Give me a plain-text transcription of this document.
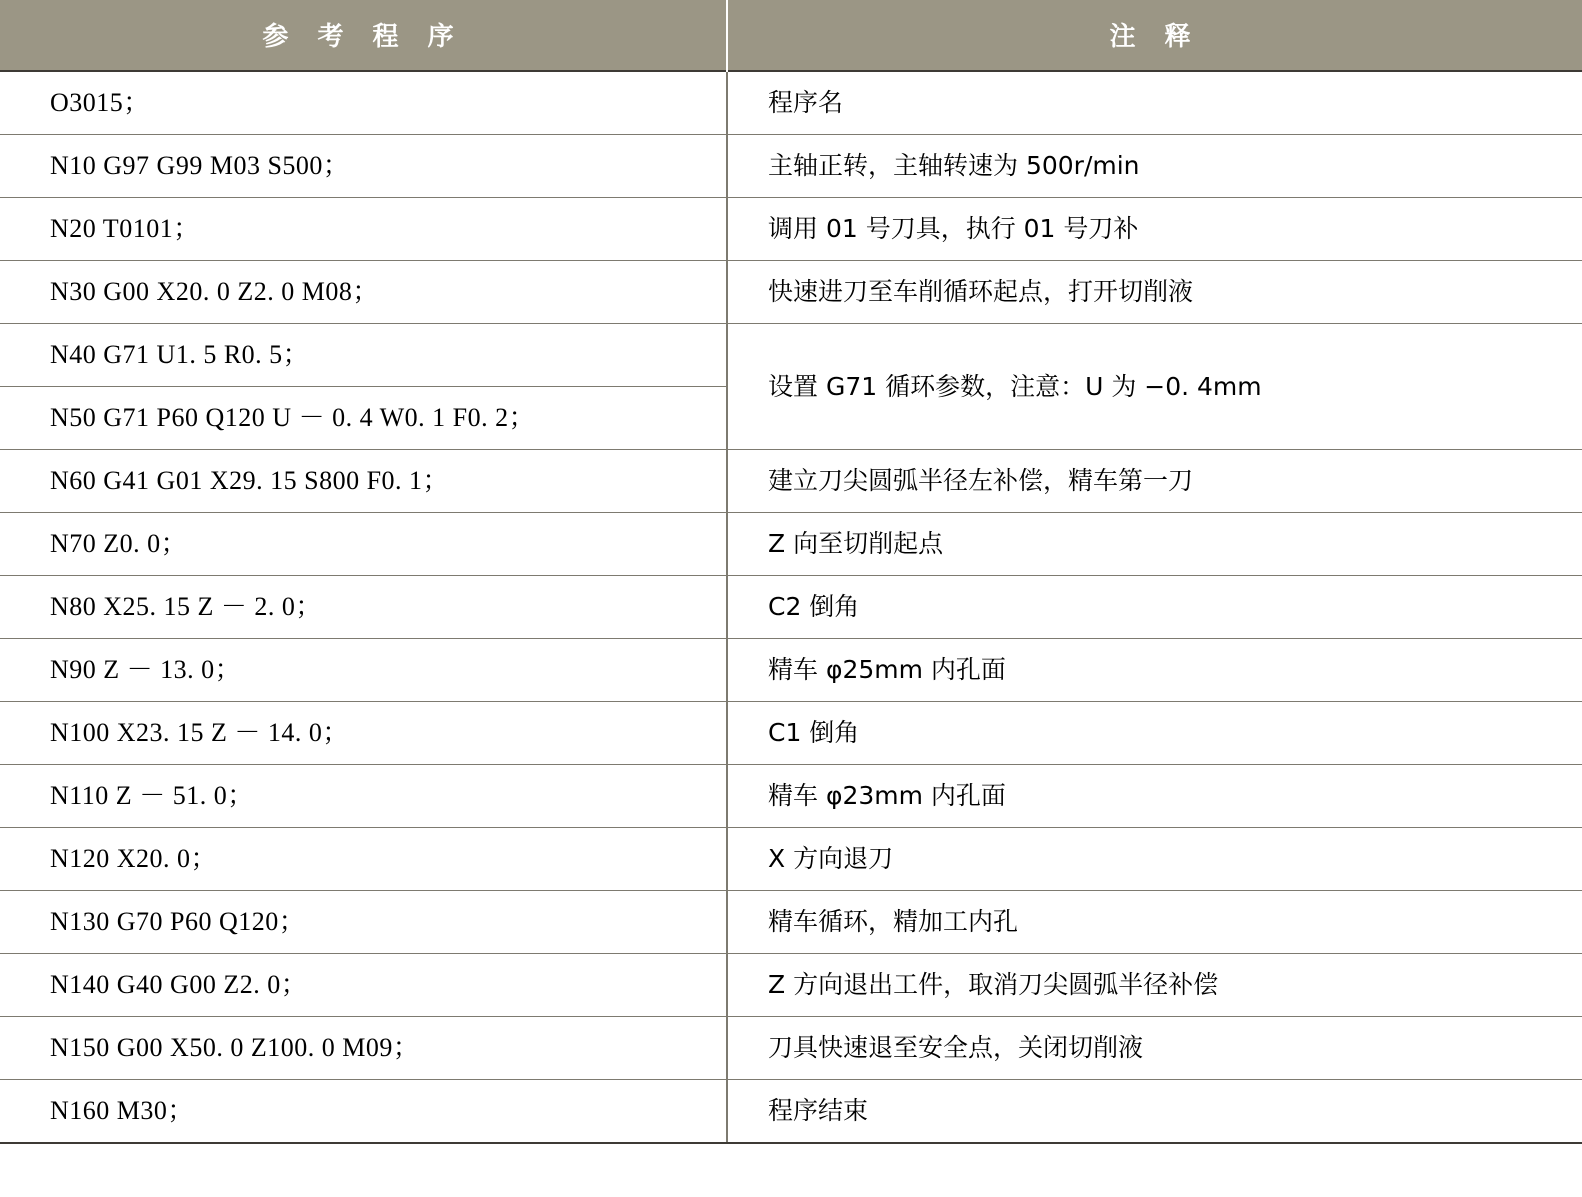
参 考 程 序	注 释
O3015；	程序名
N10 G97 G99 M03 S500；	主轴正转，主轴转速为 500r/min
N20 T0101；	调用 01 号刀具，执行 01 号刀补
N30 G00 X20. 0 Z2. 0 M08；	快速进刀至车削循环起点，打开切削液
N40 G71 U1. 5 R0. 5；	设置 G71 循环参数，注意：U 为 −0. 4mm
N50 G71 P60 Q120 U － 0. 4 W0. 1 F0. 2；	
N60 G41 G01 X29. 15 S800 F0. 1；	建立刀尖圆弧半径左补偿，精车第一刀
N70 Z0. 0；	Z 向至切削起点
N80 X25. 15 Z － 2. 0；	C2 倒角
N90 Z － 13. 0；	精车 φ25mm 内孔面
N100 X23. 15 Z － 14. 0；	C1 倒角
N110 Z － 51. 0；	精车 φ23mm 内孔面
N120 X20. 0；	X 方向退刀
N130 G70 P60 Q120；	精车循环，精加工内孔
N140 G40 G00 Z2. 0；	Z 方向退出工件，取消刀尖圆弧半径补偿
N150 G00 X50. 0 Z100. 0 M09；	刀具快速退至安全点，关闭切削液
N160 M30；	程序结束
